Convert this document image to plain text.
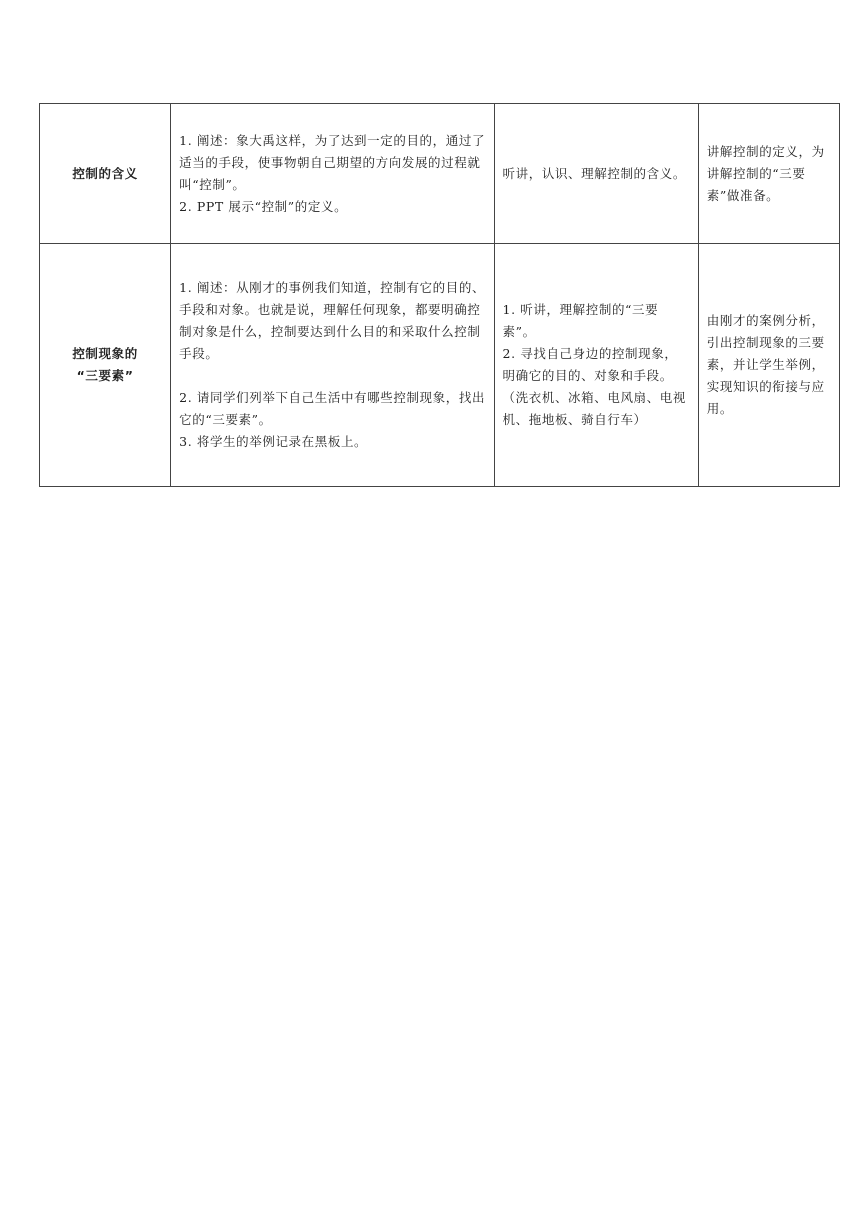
控制的含义	1. 阐述：象大禹这样，为了达到一定的目的，通过了适当的手段，使事物朝自己期望的方向发展的过程就叫“控制”。
2. PPT 展示“控制”的定义。	听讲，认识、理解控制的含义。	讲解控制的定义，为讲解控制的“三要素”做准备。

控制现象的
“三要素”	1. 阐述：从刚才的事例我们知道，控制有它的目的、手段和对象。也就是说，理解任何现象，都要明确控制对象是什么，控制要达到什么目的和采取什么控制手段。
2. 请同学们列举下自己生活中有哪些控制现象，找出它的“三要素”。
3. 将学生的举例记录在黑板上。	1. 听讲，理解控制的“三要素”。
2. 寻找自己身边的控制现象，明确它的目的、对象和手段。（洗衣机、冰箱、电风扇、电视机、拖地板、骑自行车）	由刚才的案例分析，引出控制现象的三要素，并让学生举例，实现知识的衔接与应用。
